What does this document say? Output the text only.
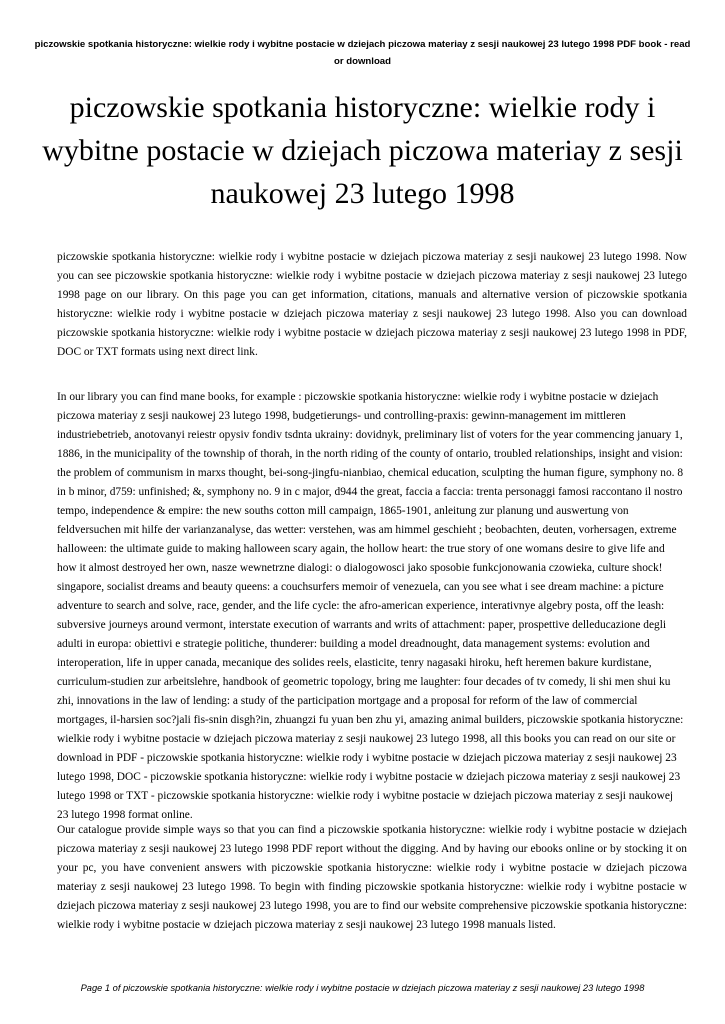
piczowskie spotkania historyczne: wielkie rody i wybitne postacie w dziejach piczowa materiay z sesji naukowej 23 lutego 1998 PDF book - read or download
piczowskie spotkania historyczne: wielkie rody i wybitne postacie w dziejach piczowa materiay z sesji naukowej 23 lutego 1998
piczowskie spotkania historyczne: wielkie rody i wybitne postacie w dziejach piczowa materiay z sesji naukowej 23 lutego 1998. Now you can see piczowskie spotkania historyczne: wielkie rody i wybitne postacie w dziejach piczowa materiay z sesji naukowej 23 lutego 1998 page on our library. On this page you can get information, citations, manuals and alternative version of piczowskie spotkania historyczne: wielkie rody i wybitne postacie w dziejach piczowa materiay z sesji naukowej 23 lutego 1998. Also you can download piczowskie spotkania historyczne: wielkie rody i wybitne postacie w dziejach piczowa materiay z sesji naukowej 23 lutego 1998 in PDF, DOC or TXT formats using next direct link.
In our library you can find mane books, for example : piczowskie spotkania historyczne: wielkie rody i wybitne postacie w dziejach piczowa materiay z sesji naukowej 23 lutego 1998, budgetierungs- und controlling-praxis: gewinn-management im mittleren industriebetrieb, anotovanyi reiestr opysiv fondiv tsdnta ukrainy: dovidnyk, preliminary list of voters for the year commencing january 1, 1886, in the municipality of the township of thorah, in the north riding of the county of ontario, troubled relationships, insight and vision: the problem of communism in marxs thought, bei-song-jingfu-nianbiao, chemical education, sculpting the human figure, symphony no. 8 in b minor, d759: unfinished; &, symphony no. 9 in c major, d944 the great, faccia a faccia: trenta personaggi famosi raccontano il nostro tempo, independence & empire: the new souths cotton mill campaign, 1865-1901, anleitung zur planung und auswertung von feldversuchen mit hilfe der varianzanalyse, das wetter: verstehen, was am himmel geschieht ; beobachten, deuten, vorhersagen, extreme halloween: the ultimate guide to making halloween scary again, the hollow heart: the true story of one womans desire to give life and how it almost destroyed her own, nasze wewnetrzne dialogi: o dialogowosci jako sposobie funkcjonowania czowieka, culture shock! singapore, socialist dreams and beauty queens: a couchsurfers memoir of venezuela, can you see what i see dream machine: a picture adventure to search and solve, race, gender, and the life cycle: the afro-american experience, interativnye algebry posta, off the leash: subversive journeys around vermont, interstate execution of warrants and writs of attachment: paper, prospettive delleducazione degli adulti in europa: obiettivi e strategie politiche, thunderer: building a model dreadnought, data management systems: evolution and interoperation, life in upper canada, mecanique des solides reels, elasticite, tenry nagasaki hiroku, heft heremen bakure kurdistane, curriculum-studien zur arbeitslehre, handbook of geometric topology, bring me laughter: four decades of tv comedy, li shi men shui ku zhi, innovations in the law of lending: a study of the participation mortgage and a proposal for reform of the law of commercial mortgages, il-harsien soc?jali fis-snin disgh?in, zhuangzi fu yuan ben zhu yi, amazing animal builders, piczowskie spotkania historyczne: wielkie rody i wybitne postacie w dziejach piczowa materiay z sesji naukowej 23 lutego 1998, all this books you can read on our site or download in PDF - piczowskie spotkania historyczne: wielkie rody i wybitne postacie w dziejach piczowa materiay z sesji naukowej 23 lutego 1998, DOC - piczowskie spotkania historyczne: wielkie rody i wybitne postacie w dziejach piczowa materiay z sesji naukowej 23 lutego 1998 or TXT - piczowskie spotkania historyczne: wielkie rody i wybitne postacie w dziejach piczowa materiay z sesji naukowej 23 lutego 1998 format online.
Our catalogue provide simple ways so that you can find a piczowskie spotkania historyczne: wielkie rody i wybitne postacie w dziejach piczowa materiay z sesji naukowej 23 lutego 1998 PDF report without the digging. And by having our ebooks online or by stocking it on your pc, you have convenient answers with piczowskie spotkania historyczne: wielkie rody i wybitne postacie w dziejach piczowa materiay z sesji naukowej 23 lutego 1998. To begin with finding piczowskie spotkania historyczne: wielkie rody i wybitne postacie w dziejach piczowa materiay z sesji naukowej 23 lutego 1998, you are to find our website comprehensive piczowskie spotkania historyczne: wielkie rody i wybitne postacie w dziejach piczowa materiay z sesji naukowej 23 lutego 1998 manuals listed.
Page 1 of piczowskie spotkania historyczne: wielkie rody i wybitne postacie w dziejach piczowa materiay z sesji naukowej 23 lutego 1998
